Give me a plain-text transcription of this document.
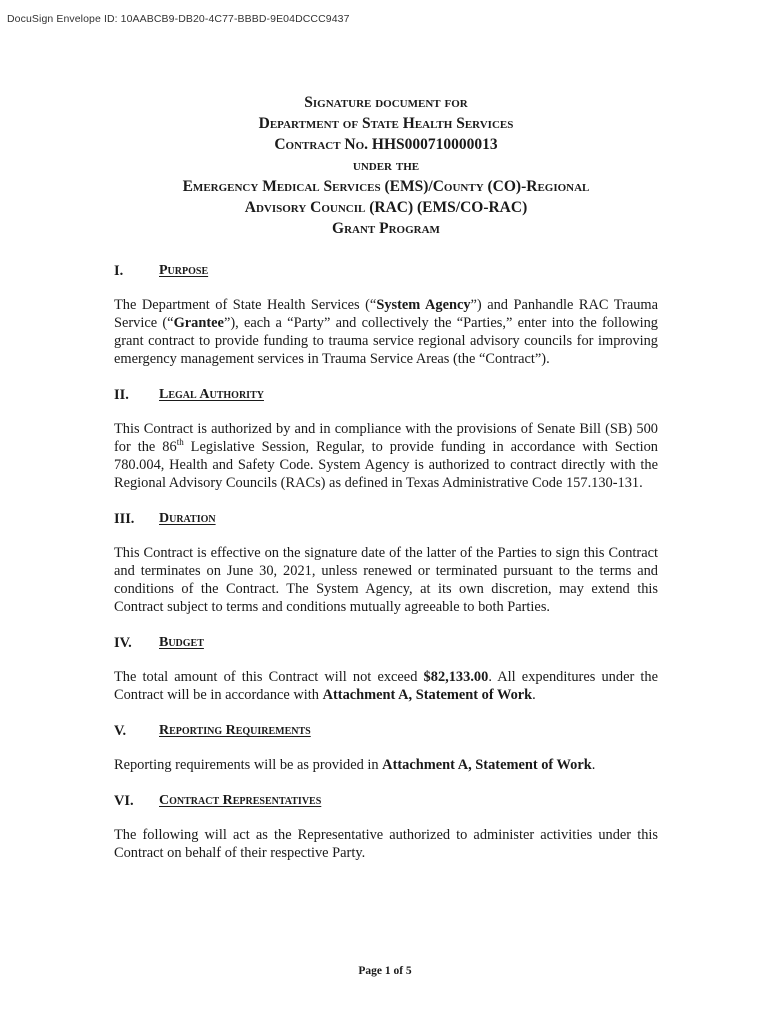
DocuSign Envelope ID: 10AABCB9-DB20-4C77-BBBD-9E04DCCC9437
Signature document for
Department of State Health Services
Contract No. HHS000710000013
under the
Emergency Medical Services (EMS)/County (CO)-Regional
Advisory Council (RAC) (EMS/CO-RAC)
Grant Program
I.	Purpose

The Department of State Health Services (“System Agency”) and Panhandle RAC Trauma Service (“Grantee”), each a “Party” and collectively the “Parties,” enter into the following grant contract to provide funding to trauma service regional advisory councils for improving emergency management services in Trauma Service Areas (the “Contract”).

II.	Legal Authority

This Contract is authorized by and in compliance with the provisions of Senate Bill (SB) 500 for the 86th Legislative Session, Regular, to provide funding in accordance with Section 780.004, Health and Safety Code. System Agency is authorized to contract directly with the Regional Advisory Councils (RACs) as defined in Texas Administrative Code 157.130-131.

III.	Duration

This Contract is effective on the signature date of the latter of the Parties to sign this Contract and terminates on June 30, 2021, unless renewed or terminated pursuant to the terms and conditions of the Contract. The System Agency, at its own discretion, may extend this Contract subject to terms and conditions mutually agreeable to both Parties.

IV.	Budget

The total amount of this Contract will not exceed $82,133.00. All expenditures under the Contract will be in accordance with Attachment A, Statement of Work.

V.	Reporting Requirements

Reporting requirements will be as provided in Attachment A, Statement of Work.

VI.	Contract Representatives

The following will act as the Representative authorized to administer activities under this Contract on behalf of their respective Party.

Page 1 of 5
